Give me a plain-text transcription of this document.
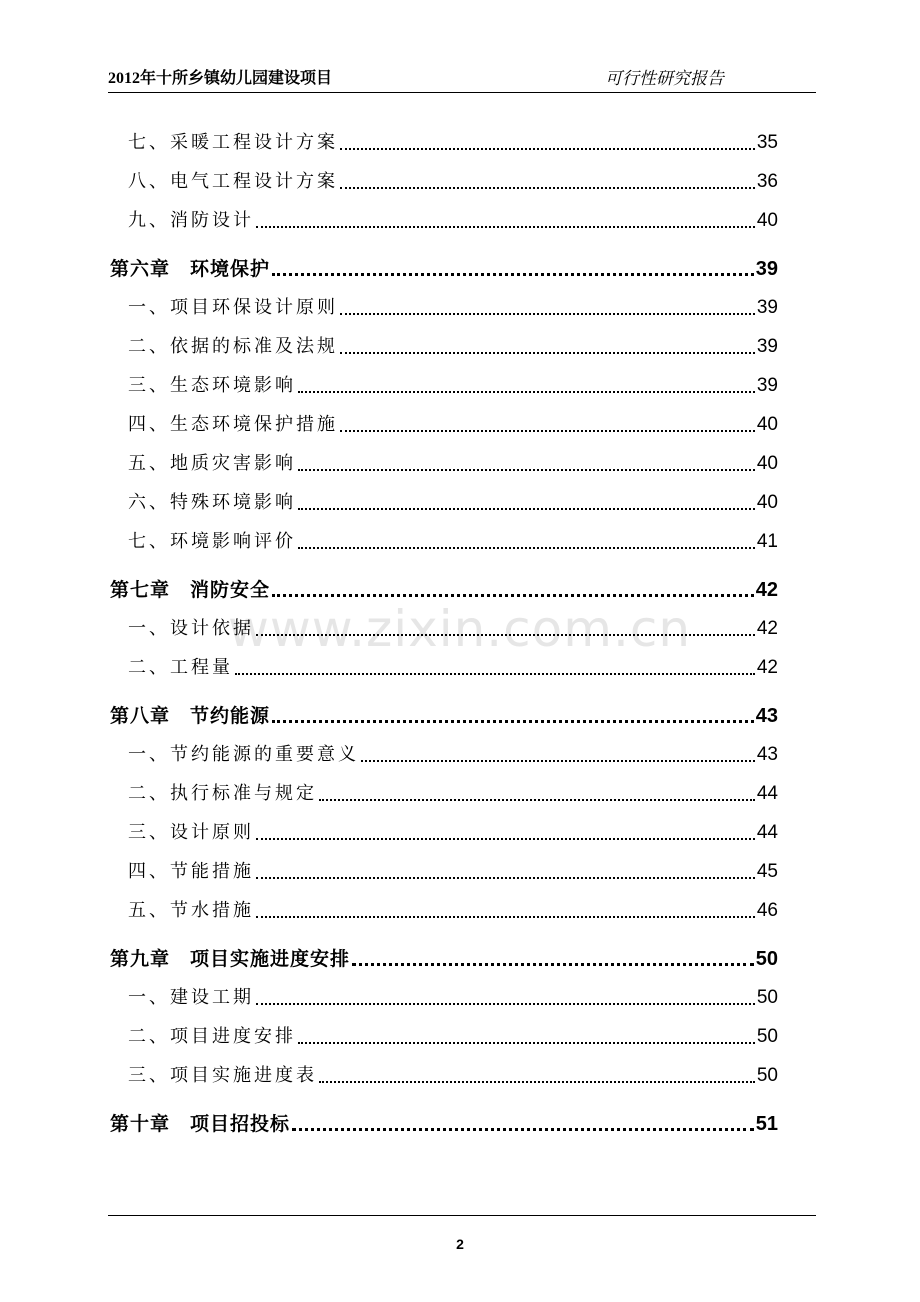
2012年十所乡镇幼儿园建设项目	可行性研究报告
www.zixin.com.cn
七、采暖工程设计方案	35
八、电气工程设计方案	36
九、消防设计	40
第六章　环境保护	39
一、项目环保设计原则	39
二、依据的标准及法规	39
三、生态环境影响	39
四、生态环境保护措施	40
五、地质灾害影响	40
六、特殊环境影响	40
七、环境影响评价	41
第七章　消防安全	42
一、设计依据	42
二、工程量	42
第八章　节约能源	43
一、节约能源的重要意义	43
二、执行标准与规定	44
三、设计原则	44
四、节能措施	45
五、节水措施	46
第九章　项目实施进度安排	50
一、建设工期	50
二、项目进度安排	50
三、项目实施进度表	50
第十章　项目招投标	51
2
